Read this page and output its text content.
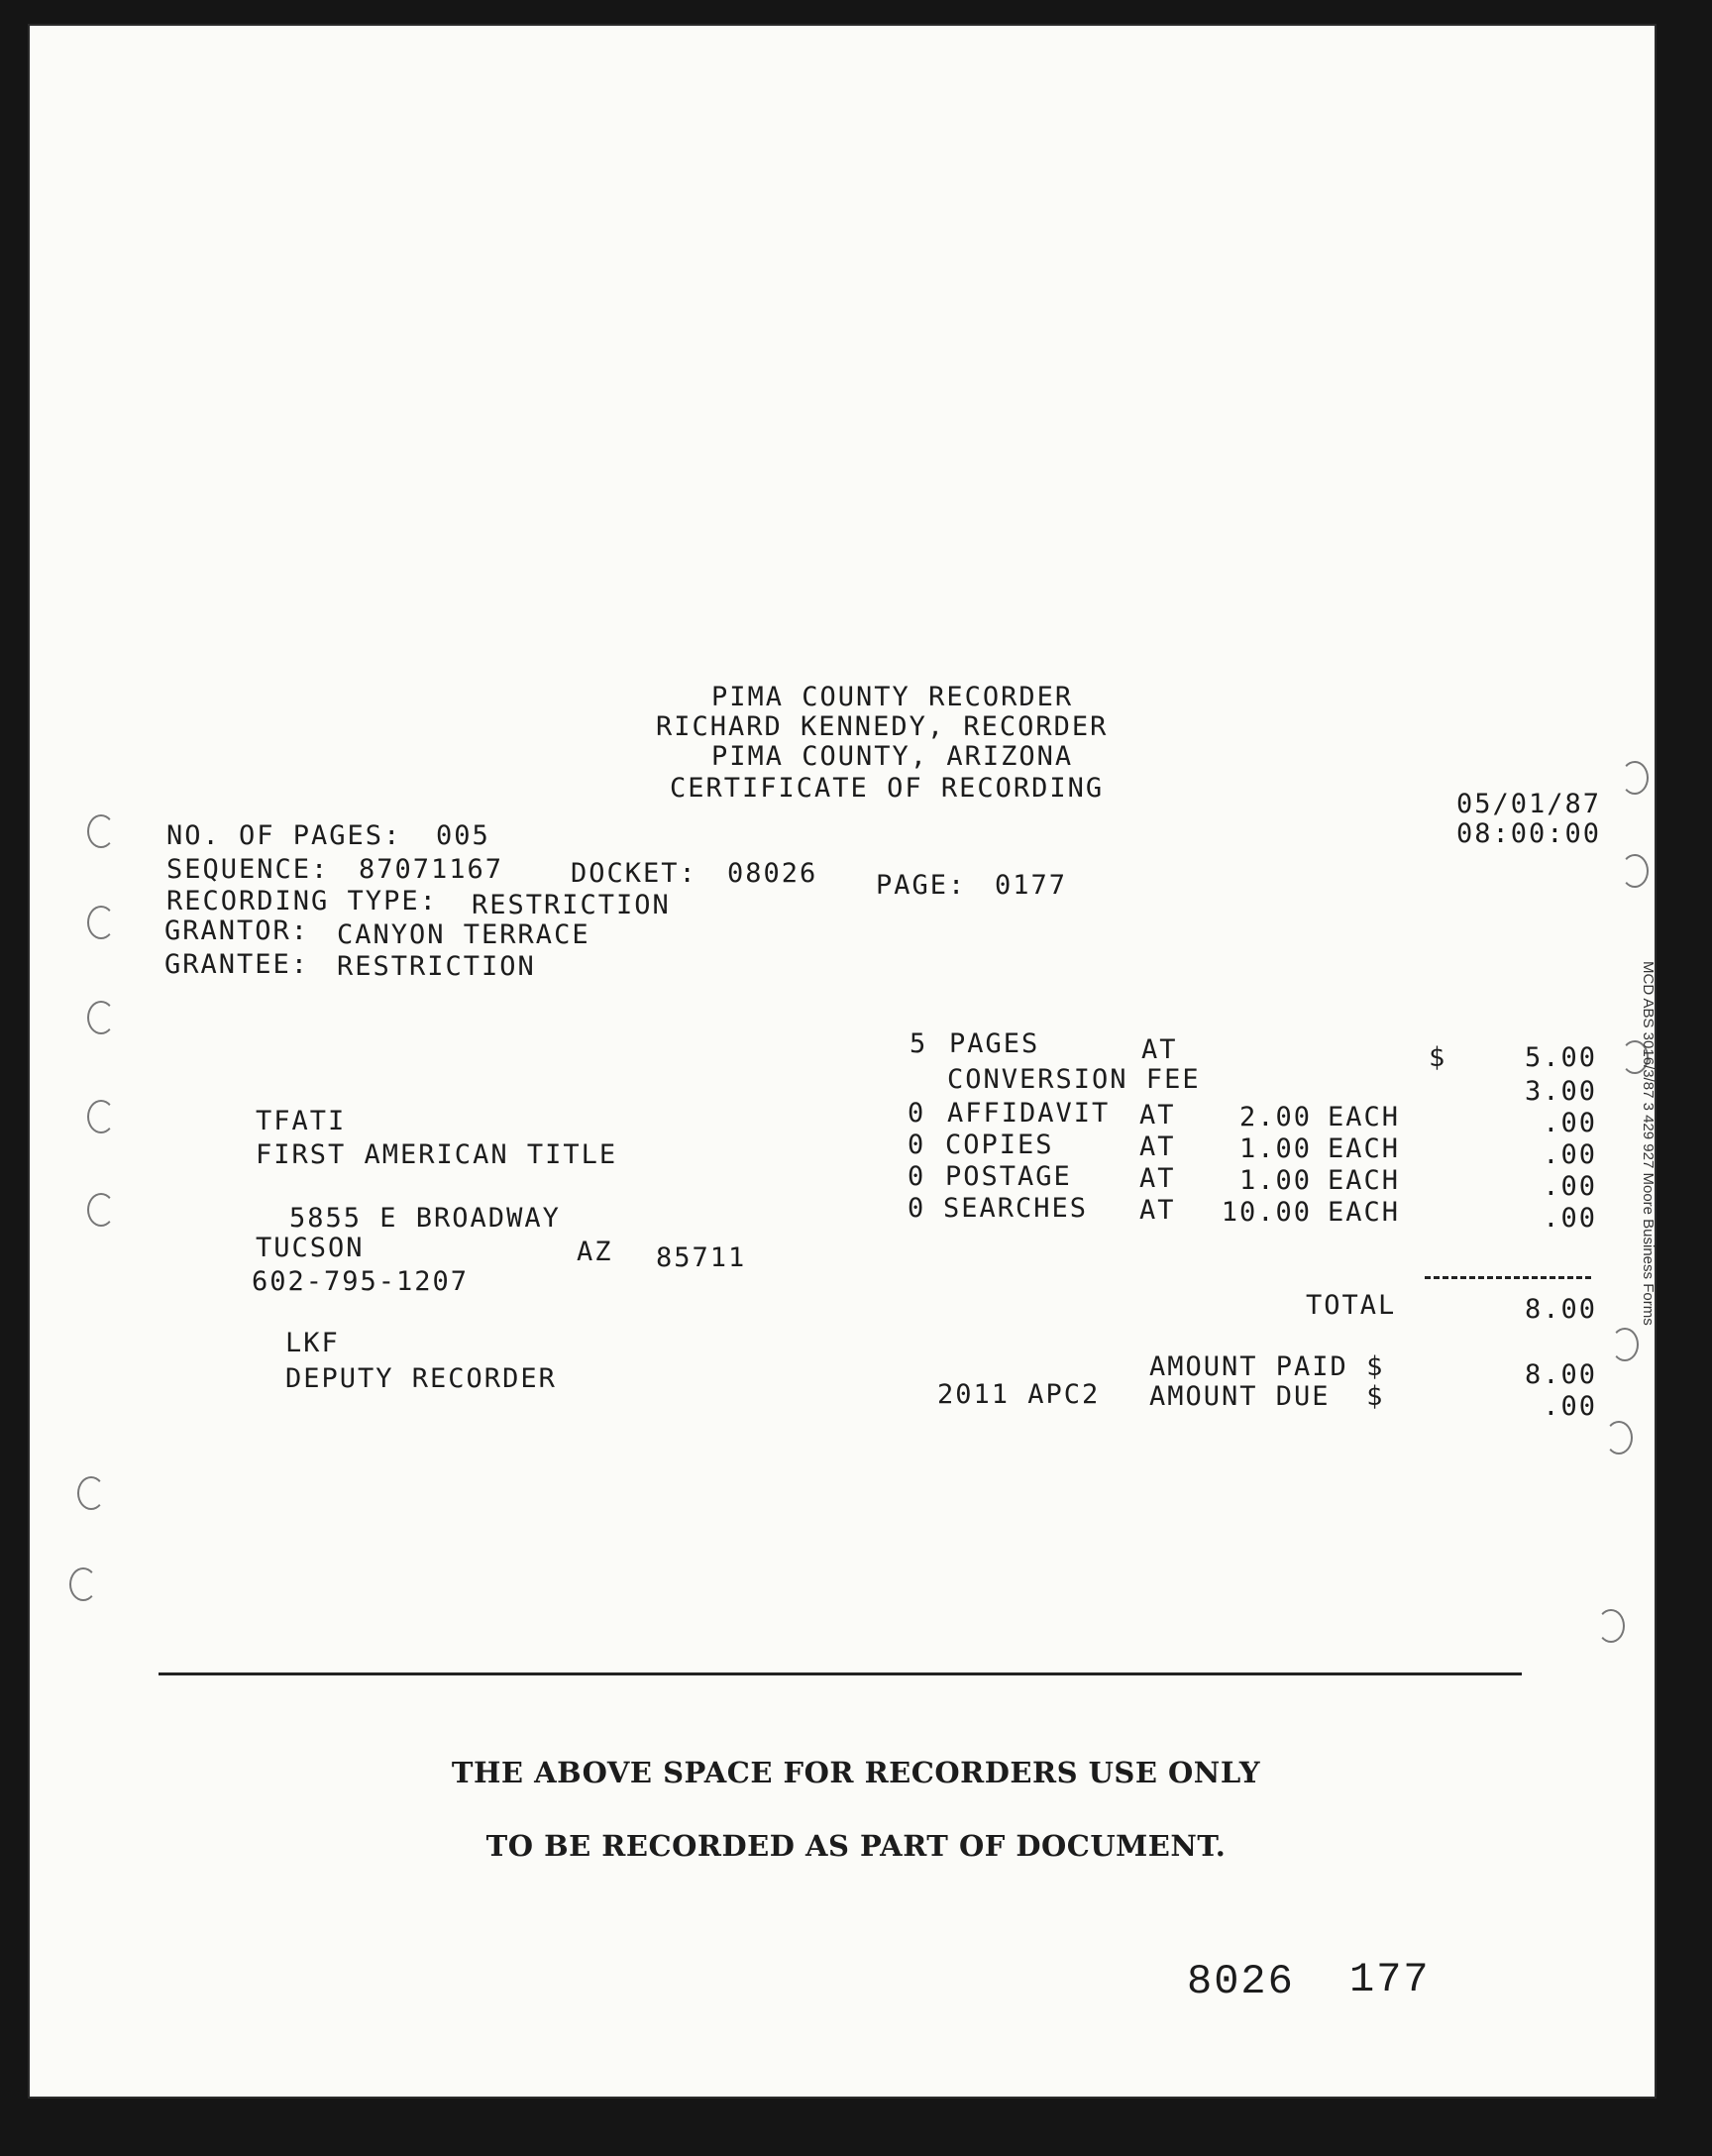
PIMA COUNTY RECORDER
RICHARD KENNEDY, RECORDER
PIMA COUNTY, ARIZONA
CERTIFICATE OF RECORDING
05/01/87
08:00:00
NO. OF PAGES: 005
SEQUENCE: 87071167	DOCKET: 08026 PAGE: 0177
RECORDING TYPE: RESTRICTION
GRANTOR: CANYON TERRACE
GRANTEE: RESTRICTION
TFATI
FIRST AMERICAN TITLE
5855 E BROADWAY
TUCSON	AZ 85711
602-795-1207
LKF
DEPUTY RECORDER
$
5 PAGES	AT	5.00
CONVERSION FEE	3.00
0 AFFIDAVIT AT	2.00 EACH	.00
0 COPIES	AT	1.00 EACH	.00
0 POSTAGE	AT	1.00 EACH	.00
0 SEARCHES AT	10.00 EACH	.00
TOTAL	8.00
AMOUNT PAID $	8.00
2011 APC2 AMOUNT DUE  $	.00
THE ABOVE SPACE FOR RECORDERS USE ONLY
TO BE RECORDED AS PART OF DOCUMENT.
8026 177
MCD ABS 3016/3/87 3 429 927 Moore Business Forms
